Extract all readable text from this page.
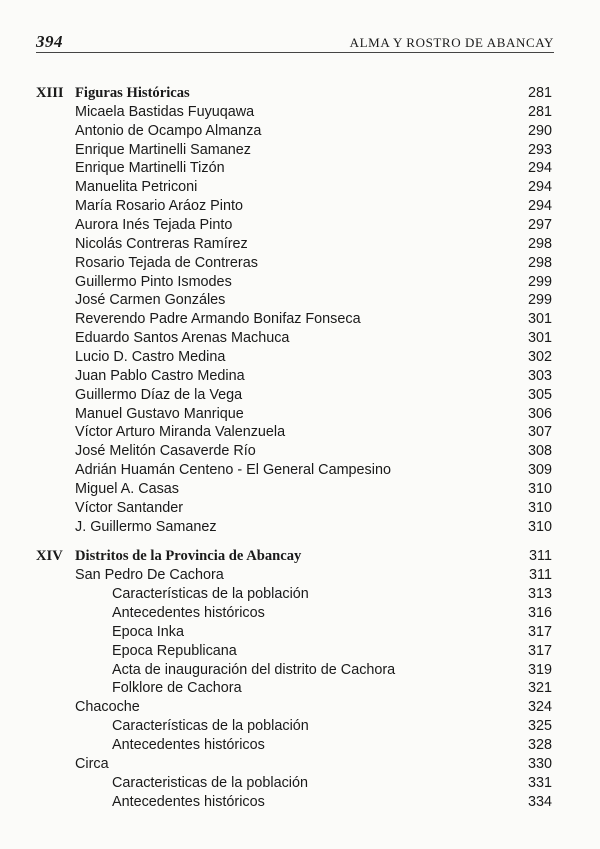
394	ALMA Y ROSTRO DE ABANCAY
XIII Figuras Históricas	281
Micaela Bastidas Fuyuqawa	281
Antonio de Ocampo Almanza	290
Enrique Martinelli Samanez	293
Enrique Martinelli Tizón	294
Manuelita Petriconi	294
María Rosario Aráoz Pinto	294
Aurora Inés Tejada Pinto	297
Nicolás Contreras Ramírez	298
Rosario Tejada de Contreras	298
Guillermo Pinto Ismodes	299
José Carmen Gonzáles	299
Reverendo Padre Armando Bonifaz Fonseca	301
Eduardo Santos Arenas Machuca	301
Lucio D. Castro Medina	302
Juan Pablo Castro Medina	303
Guillermo Díaz de la Vega	305
Manuel Gustavo Manrique	306
Víctor Arturo Miranda Valenzuela	307
José Melitón Casaverde Río	308
Adrián Huamán Centeno - El General Campesino	309
Miguel A. Casas	310
Víctor Santander	310
J. Guillermo Samanez	310
XIV Distritos de la Provincia de Abancay	311
San Pedro De Cachora	311
Características de la población	313
Antecedentes históricos	316
Epoca Inka	317
Epoca Republicana	317
Acta de inauguración del distrito de Cachora	319
Folklore de Cachora	321
Chacoche	324
Características de la población	325
Antecedentes históricos	328
Circa	330
Caracteristicas de la población	331
Antecedentes históricos	334
